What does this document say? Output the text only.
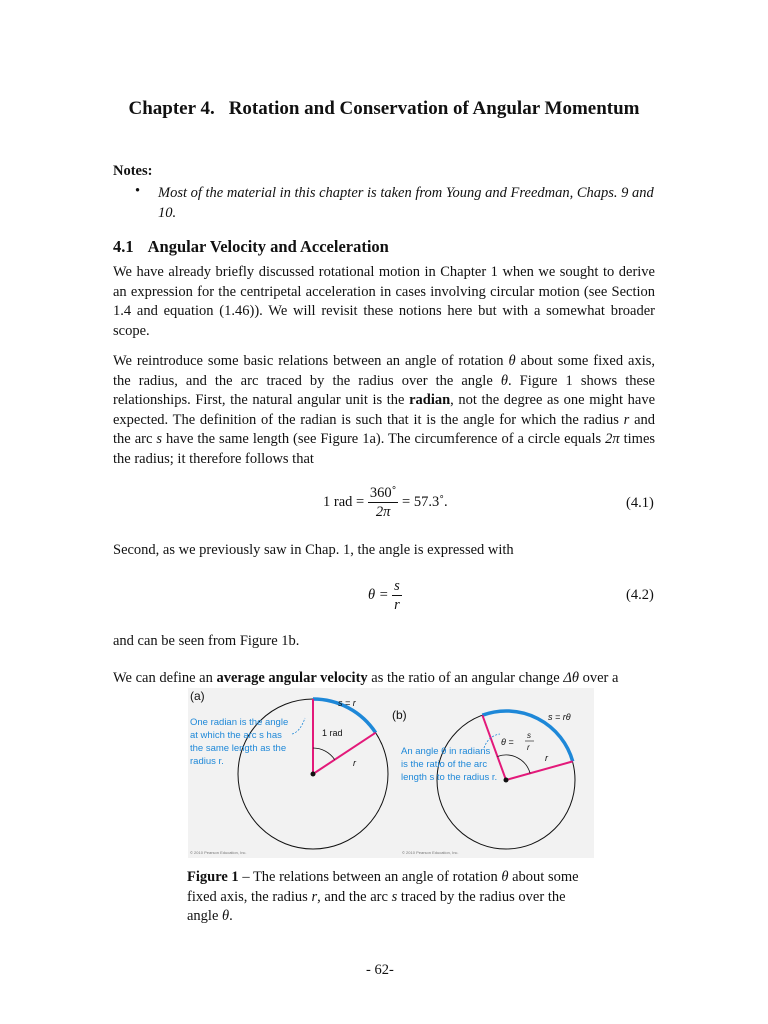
Chapter 4. Rotation and Conservation of Angular Momentum
Notes:
• Most of the material in this chapter is taken from Young and Freedman, Chaps. 9 and 10.
4.1 Angular Velocity and Acceleration
We have already briefly discussed rotational motion in Chapter 1 when we sought to derive an expression for the centripetal acceleration in cases involving circular motion (see Section 1.4 and equation (1.46)). We will revisit these notions here but with a somewhat broader scope.
We reintroduce some basic relations between an angle of rotation θ about some fixed axis, the radius, and the arc traced by the radius over the angle θ. Figure 1 shows these relationships. First, the natural angular unit is the radian, not the degree as one might have expected. The definition of the radian is such that it is the angle for which the radius r and the arc s have the same length (see Figure 1a). The circumference of a circle equals 2π times the radius; it therefore follows that
1 rad = $\frac{360˚}{2\pi}$ = 57.3˚.	(4.1)
Second, as we previously saw in Chap. 1, the angle is expressed with
$\theta = \frac{s}{r}$	(4.2)
and can be seen from Figure 1b.
We can define an average angular velocity as the ratio of an angular change Δθ over a
(a)	s = r
1 rad
r
One radian is the angle
at which the arc s has
the same length as the
radius r.
© 2010 Pearson Education, Inc.
(b)	s = rθ
θ =
s
r
r
An angle θ in radians
is the ratio of the arc
length s to the radius r.
© 2010 Pearson Education, Inc.
Figure 1 – The relations between an angle of rotation θ about some fixed axis, the radius r, and the arc s traced by the radius over the angle θ.
- 62-
